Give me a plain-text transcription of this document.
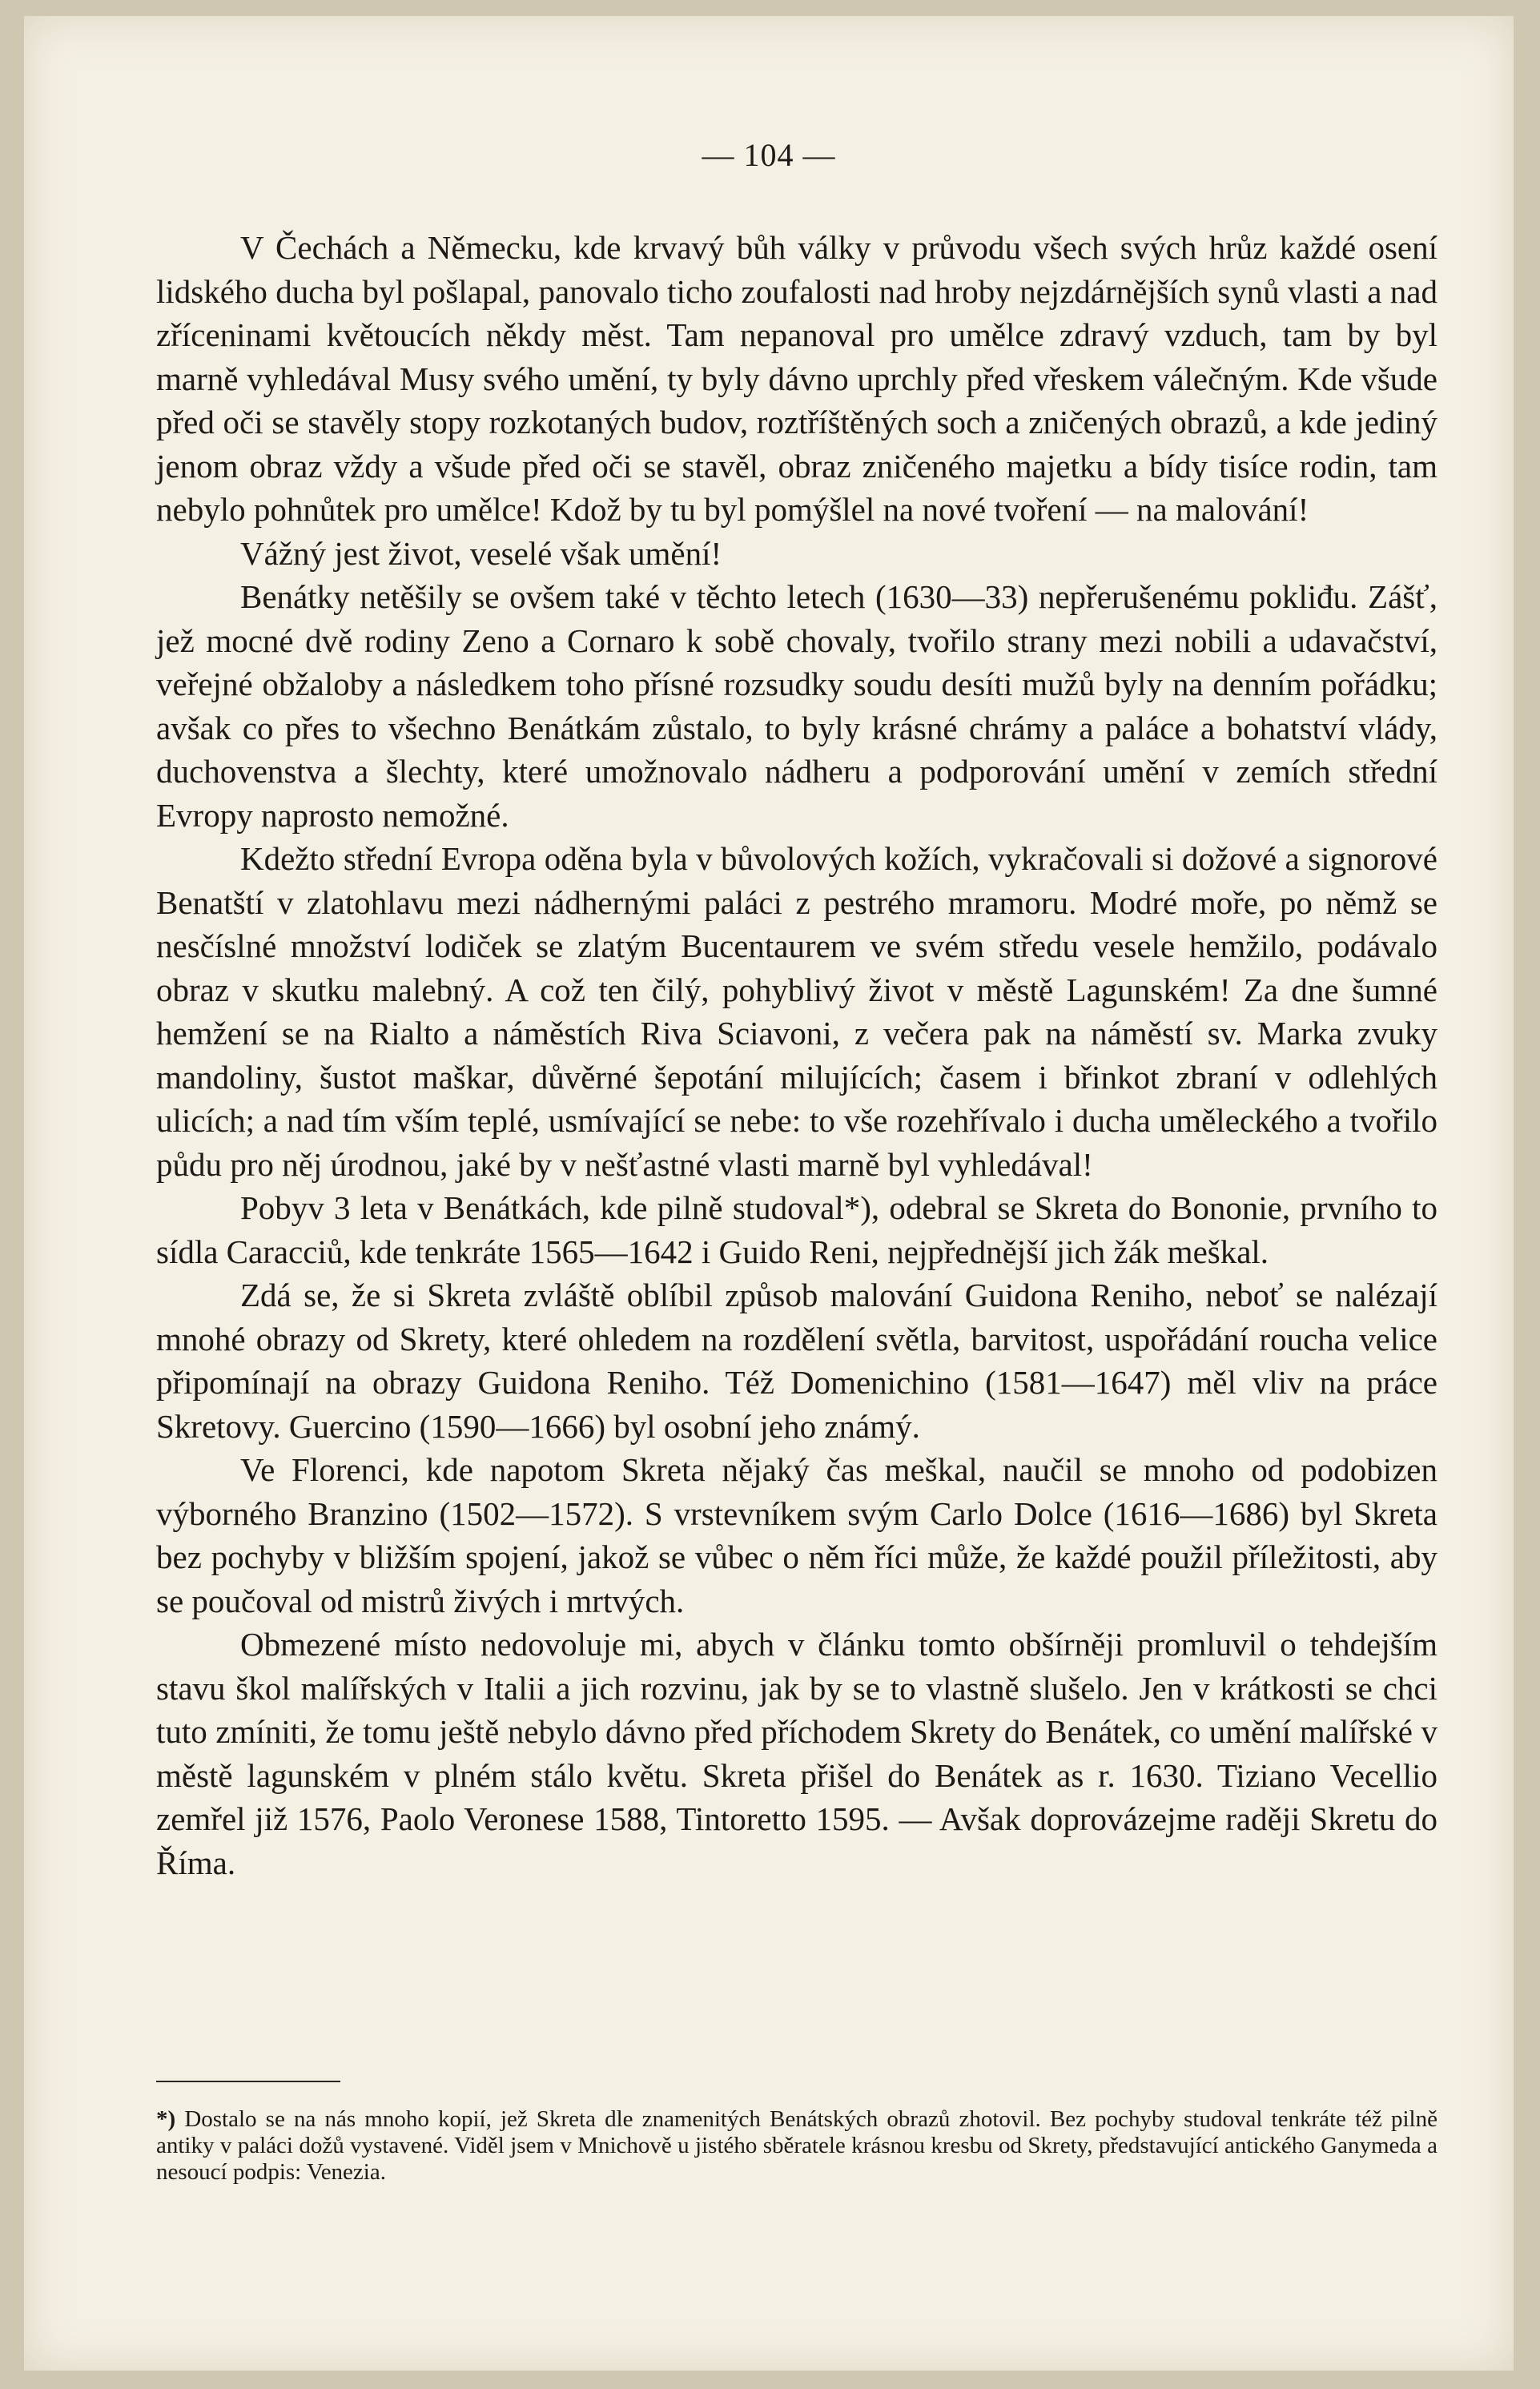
— 104 —

V Čechách a Německu, kde krvavý bůh války v průvodu všech svých hrůz každé osení lidského ducha byl pošlapal, panovalo ticho zoufalosti nad hroby nejzdárnějších synů vlasti a nad zříceninami květoucích někdy měst. Tam nepanoval pro umělce zdravý vzduch, tam by byl marně vyhledával Musy svého umění, ty byly dávno uprchly před vřeskem válečným. Kde všude před oči se stavěly stopy rozkotaných budov, roztříštěných soch a zničených obrazů, a kde jediný jenom obraz vždy a všude před oči se stavěl, obraz zničeného majetku a bídy tisíce rodin, tam nebylo pohnůtek pro umělce! Kdož by tu byl pomýšlel na nové tvoření — na malování!

Vážný jest život, veselé však umění!

Benátky netěšily se ovšem také v těchto letech (1630—33) nepřerušenému pokliđu. Zášť, jež mocné dvě rodiny Zeno a Cornaro k sobě chovaly, tvořilo strany mezi nobili a udavačství, veřejné obžaloby a následkem toho přísné rozsudky soudu desíti mužů byly na denním pořádku; avšak co přes to všechno Benátkám zůstalo, to byly krásné chrámy a paláce a bohatství vlády, duchovenstva a šlechty, které umožnovalo nádheru a podporování umění v zemích střední Evropy naprosto nemožné.

Kdežto střední Evropa oděna byla v bůvolových kožích, vykračovali si dožové a signorové Benatští v zlatohlavu mezi nádhernými paláci z pestrého mramoru. Modré moře, po němž se nesčíslné množství lodiček se zlatým Bucentaurem ve svém středu vesele hemžilo, podávalo obraz v skutku malebný. A což ten čilý, pohyblivý život v městě Lagunském! Za dne šumné hemžení se na Rialto a náměstích Riva Sciavoni, z večera pak na náměstí sv. Marka zvuky mandoliny, šustot maškar, důvěrné šepotání milujících; časem i břinkot zbraní v odlehlých ulicích; a nad tím vším teplé, usmívající se nebe: to vše rozehřívalo i ducha uměleckého a tvořilo půdu pro něj úrodnou, jaké by v nešťastné vlasti marně byl vyhledával!

Pobyv 3 leta v Benátkách, kde pilně studoval*), odebral se Skreta do Bononie, prvního to sídla Caracciů, kde tenkráte 1565—1642 i Guido Reni, nejpřednější jich žák meškal.

Zdá se, že si Skreta zvláště oblíbil způsob malování Guidona Reniho, neboť se nalézají mnohé obrazy od Skrety, které ohledem na rozdělení světla, barvitost, uspořádání roucha velice připomínají na obrazy Guidona Reniho. Též Domenichino (1581—1647) měl vliv na práce Skretovy. Guercino (1590—1666) byl osobní jeho známý.

Ve Florenci, kde napotom Skreta nějaký čas meškal, naučil se mnoho od podobizen výborného Branzino (1502—1572). S vrstevníkem svým Carlo Dolce (1616—1686) byl Skreta bez pochyby v bližším spojení, jakož se vůbec o něm říci může, že každé použil příležitosti, aby se poučoval od mistrů živých i mrtvých.

Obmezené místo nedovoluje mi, abych v článku tomto obšírněji promluvil o tehdejším stavu škol malířských v Italii a jich rozvinu, jak by se to vlastně slušelo. Jen v krátkosti se chci tuto zmíniti, že tomu ještě nebylo dávno před příchodem Skrety do Benátek, co umění malířské v městě lagunském v plném stálo květu. Skreta přišel do Benátek as r. 1630. Tiziano Vecellio zemřel již 1576, Paolo Veronese 1588, Tintoretto 1595. — Avšak doprovázejme raději Skretu do Říma.

*) Dostalo se na nás mnoho kopií, jež Skreta dle znamenitých Benátských obrazů zhotovil. Bez pochyby studoval tenkráte též pilně antiky v paláci dožů vystavené. Viděl jsem v Mnichově u jistého sběratele krásnou kresbu od Skrety, představující antického Ganymeda a nesoucí podpis: Venezia.
